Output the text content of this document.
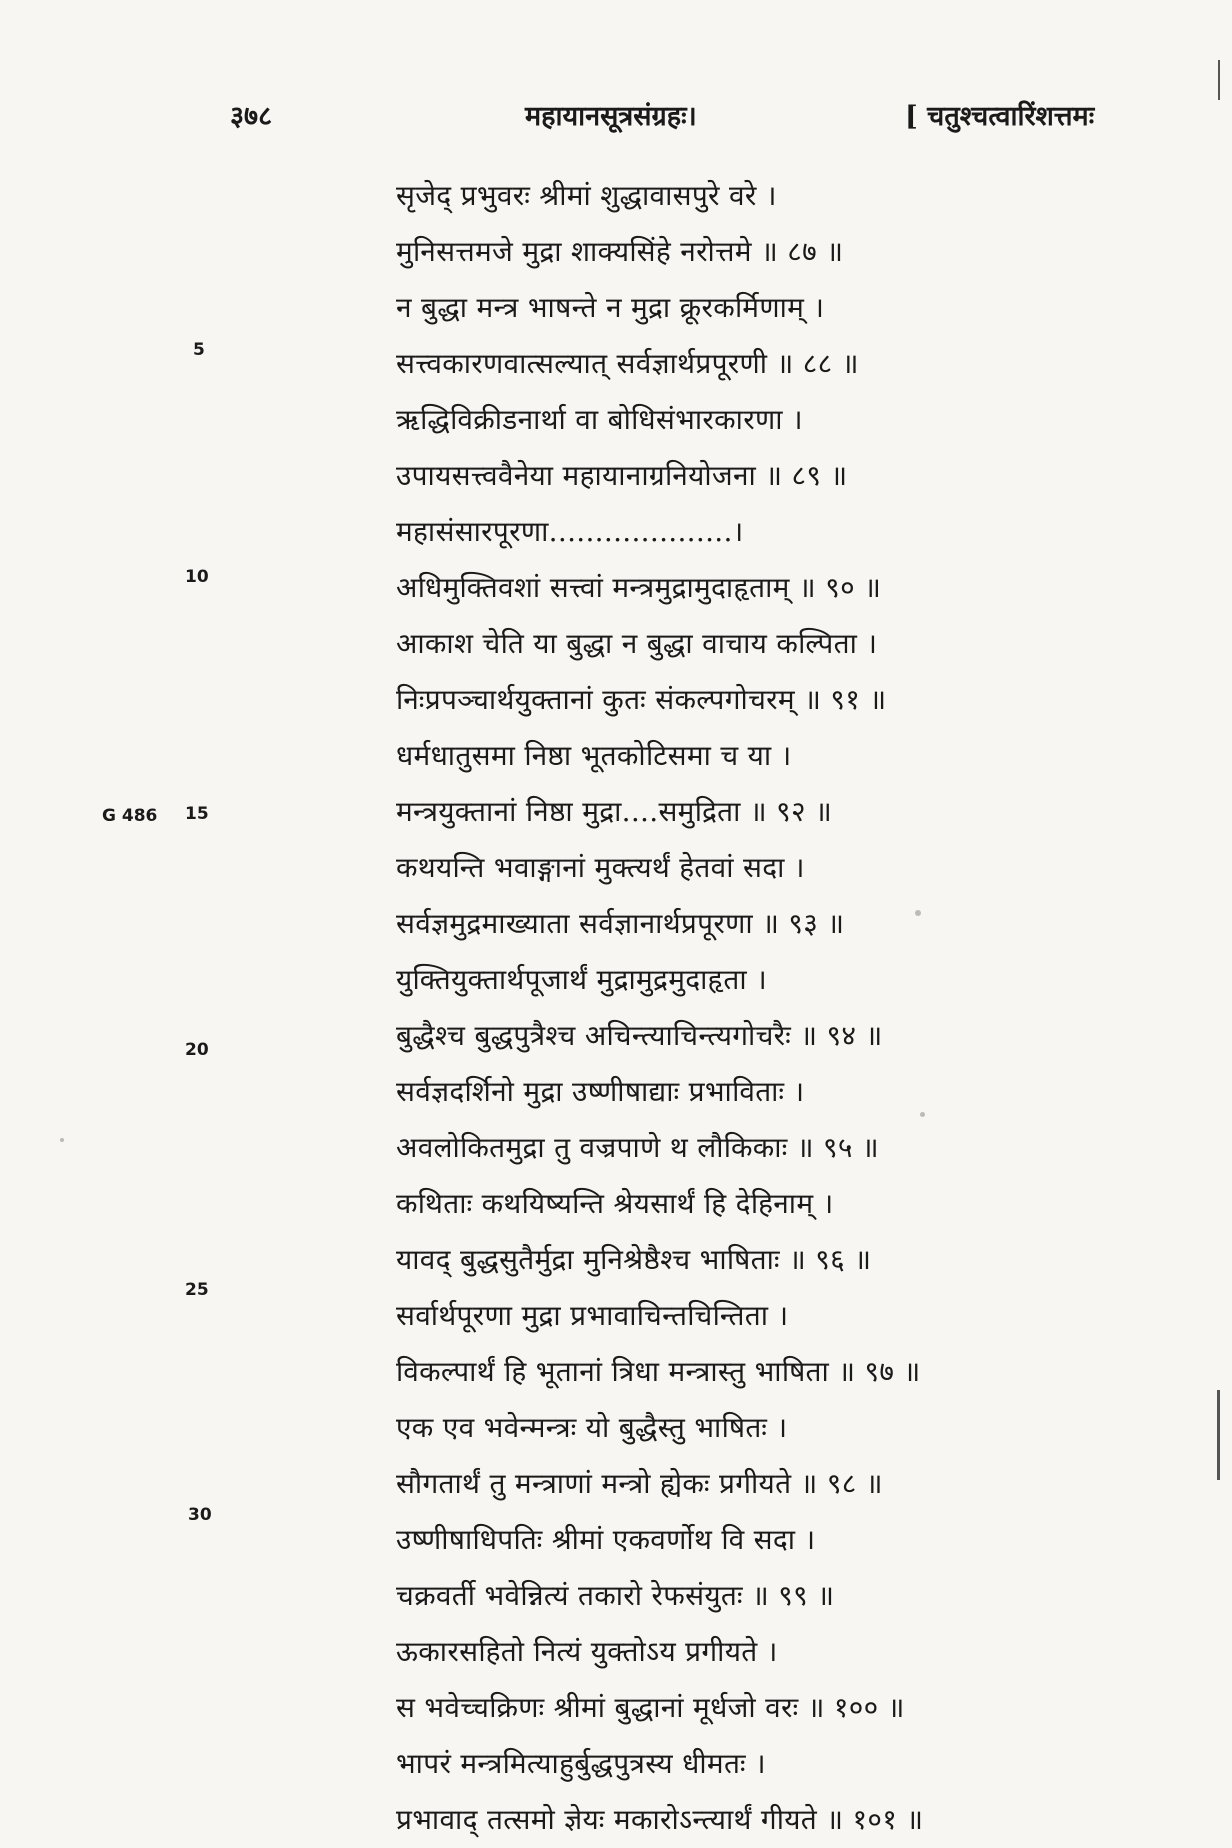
३७८	महायानसूत्रसंग्रहः।	[ चतुश्चत्वारिंशत्तमः
5
10
G 486 15
20
25
30
सृजेद् प्रभुवरः श्रीमां शुद्धावासपुरे वरे ।
मुनिसत्तमजे मुद्रा शाक्यसिंहे नरोत्तमे ॥ ८७ ॥
न बुद्धा मन्त्र भाषन्ते न मुद्रा क्रूरकर्मिणाम् ।
सत्त्वकारणवात्सल्यात् सर्वज्ञार्थप्रपूरणी ॥ ८८ ॥
ऋद्धिविक्रीडनार्था वा बोधिसंभारकारणा ।
उपायसत्त्ववैनेया महायानाग्रनियोजना ॥ ८९ ॥
महासंसारपूरणा....................।
अधिमुक्तिवशां सत्त्वां मन्त्रमुद्रामुदाहृताम् ॥ ९० ॥
आकाश चेति या बुद्धा न बुद्धा वाचाय कल्पिता ।
निःप्रपञ्चार्थयुक्तानां कुतः संकल्पगोचरम् ॥ ९१ ॥
धर्मधातुसमा निष्ठा भूतकोटिसमा च या ।
मन्त्रयुक्तानां निष्ठा मुद्रा....समुद्रिता ॥ ९२ ॥
कथयन्ति भवाङ्गानां मुक्त्यर्थं हेतवां सदा ।
सर्वज्ञमुद्रमाख्याता सर्वज्ञानार्थप्रपूरणा ॥ ९३ ॥
युक्तियुक्तार्थपूजार्थं मुद्रामुद्रमुदाहृता ।
बुद्धैश्च बुद्धपुत्रैश्च अचिन्त्याचिन्त्यगोचरैः ॥ ९४ ॥
सर्वज्ञदर्शिनो मुद्रा उष्णीषाद्याः प्रभाविताः ।
अवलोकितमुद्रा तु वज्रपाणे थ लौकिकाः ॥ ९५ ॥
कथिताः कथयिष्यन्ति श्रेयसार्थं हि देहिनाम् ।
यावद् बुद्धसुतैर्मुद्रा मुनिश्रेष्ठैश्च भाषिताः ॥ ९६ ॥
सर्वार्थपूरणा मुद्रा प्रभावाचिन्तचिन्तिता ।
विकल्पार्थं हि भूतानां त्रिधा मन्त्रास्तु भाषिता ॥ ९७ ॥
एक एव भवेन्मन्त्रः यो बुद्धैस्तु भाषितः ।
सौगतार्थं तु मन्त्राणां मन्त्रो ह्येकः प्रगीयते ॥ ९८ ॥
उष्णीषाधिपतिः श्रीमां एकवर्णोथ वि सदा ।
चक्रवर्ती भवेन्नित्यं तकारो रेफसंयुतः ॥ ९९ ॥
ऊकारसहितो नित्यं युक्तोऽय प्रगीयते ।
स भवेच्चक्रिणः श्रीमां बुद्धानां मूर्धजो वरः ॥ १०० ॥
भापरं मन्त्रमित्याहुर्बुद्धपुत्रस्य धीमतः ।
प्रभावाद् तत्समो ज्ञेयः मकारोऽन्त्यार्थं गीयते ॥ १०१ ॥
